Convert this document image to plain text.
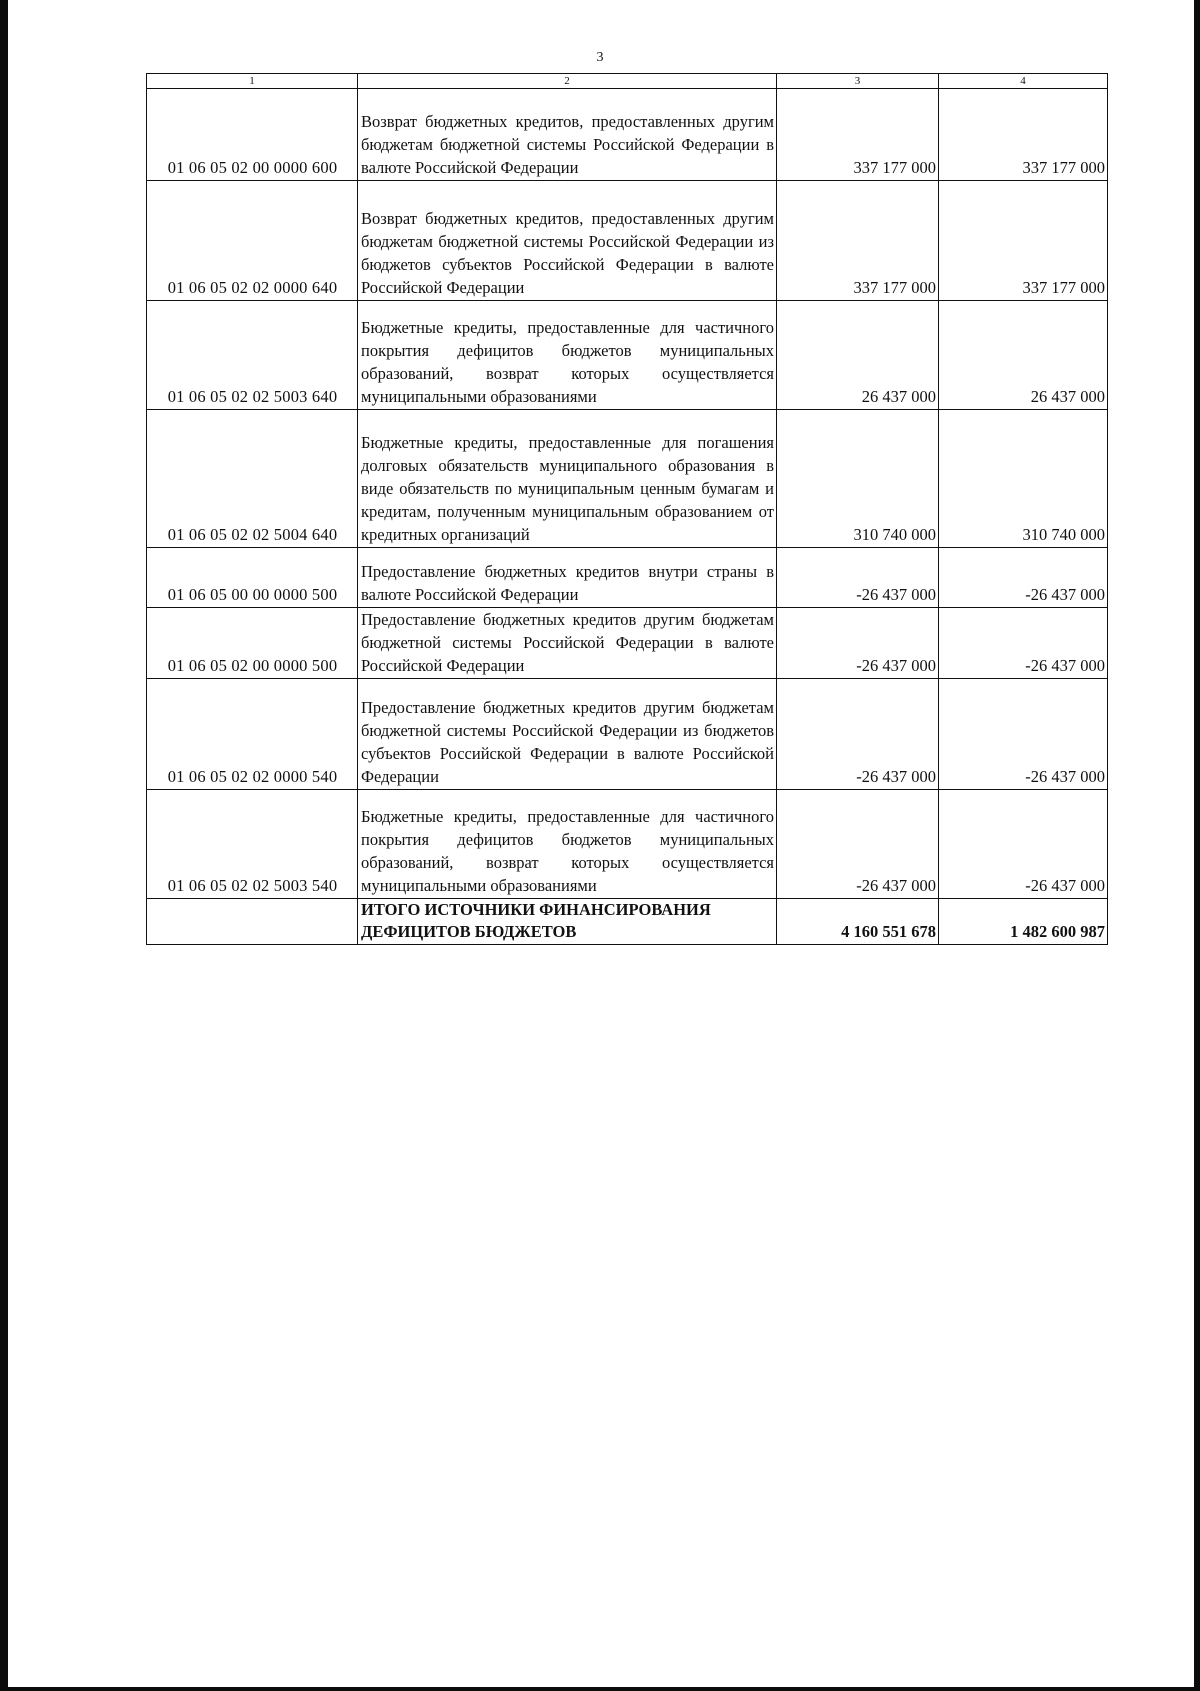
3
1	2	3	4
01 06 05 02 00 0000 600	Возврат бюджетных кредитов, предоставленных другим бюджетам бюджетной системы Российской Федерации в валюте Российской Федерации	337 177 000	337 177 000
01 06 05 02 02 0000 640	Возврат бюджетных кредитов, предоставленных другим бюджетам бюджетной системы Российской Федерации из бюджетов субъектов Российской Федерации в валюте Российской Федерации	337 177 000	337 177 000
01 06 05 02 02 5003 640	Бюджетные кредиты, предоставленные для частичного покрытия дефицитов бюджетов муниципальных образований, возврат которых осуществляется муниципальными образованиями	26 437 000	26 437 000
01 06 05 02 02 5004 640	Бюджетные кредиты, предоставленные для погашения долговых обязательств муниципального образования в виде обязательств по муниципальным ценным бумагам и кредитам, полученным муниципальным образованием от кредитных организаций	310 740 000	310 740 000
01 06 05 00 00 0000 500	Предоставление бюджетных кредитов внутри страны в валюте Российской Федерации	-26 437 000	-26 437 000
01 06 05 02 00 0000 500	Предоставление бюджетных кредитов другим бюджетам бюджетной системы Российской Федерации в валюте Российской Федерации	-26 437 000	-26 437 000
01 06 05 02 02 0000 540	Предоставление бюджетных кредитов другим бюджетам бюджетной системы Российской Федерации из бюджетов субъектов Российской Федерации в валюте Российской Федерации	-26 437 000	-26 437 000
01 06 05 02 02 5003 540	Бюджетные кредиты, предоставленные для частичного покрытия дефицитов бюджетов муниципальных образований, возврат которых осуществляется муниципальными образованиями	-26 437 000	-26 437 000
	ИТОГО ИСТОЧНИКИ ФИНАНСИРОВАНИЯ ДЕФИЦИТОВ БЮДЖЕТОВ	4 160 551 678	1 482 600 987
